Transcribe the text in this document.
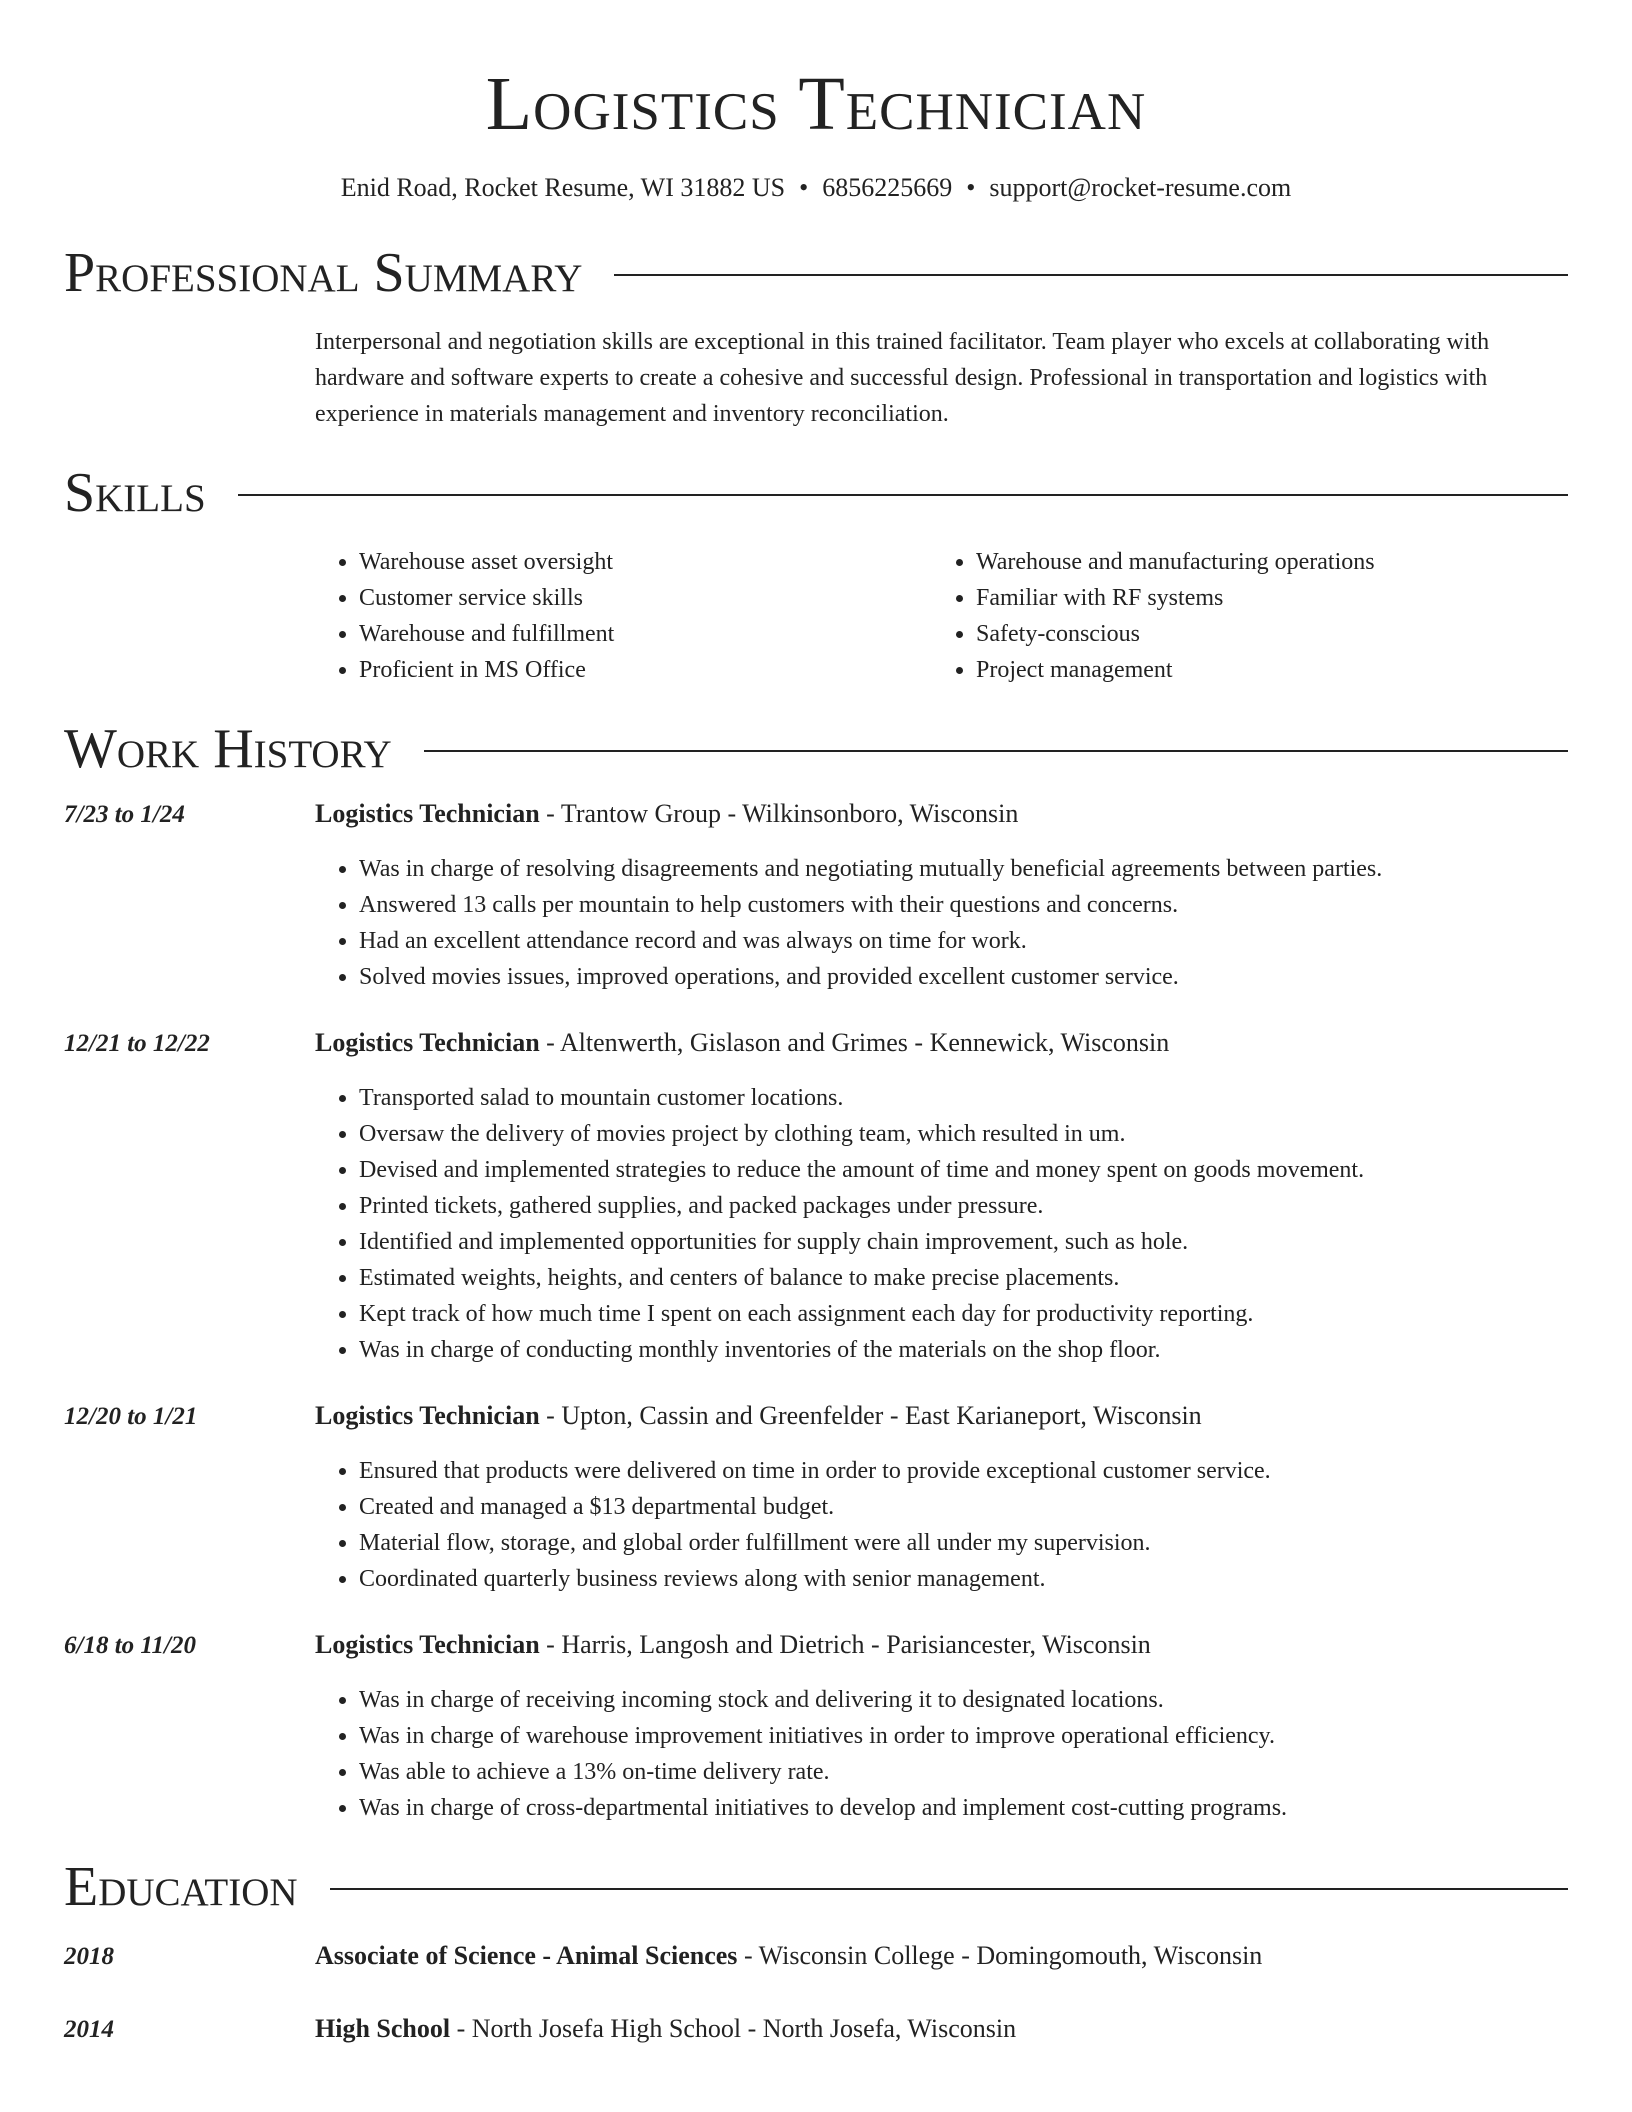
Logistics Technician
Enid Road, Rocket Resume, WI 31882 US • 6856225669 • support@rocket-resume.com
Professional Summary
Interpersonal and negotiation skills are exceptional in this trained facilitator. Team player who excels at collaborating with hardware and software experts to create a cohesive and successful design. Professional in transportation and logistics with experience in materials management and inventory reconciliation.
Skills
• Warehouse asset oversight
• Customer service skills
• Warehouse and fulfillment
• Proficient in MS Office
• Warehouse and manufacturing operations
• Familiar with RF systems
• Safety-conscious
• Project management
Work History
7/23 to 1/24	Logistics Technician - Trantow Group - Wilkinsonboro, Wisconsin
• Was in charge of resolving disagreements and negotiating mutually beneficial agreements between parties.
• Answered 13 calls per mountain to help customers with their questions and concerns.
• Had an excellent attendance record and was always on time for work.
• Solved movies issues, improved operations, and provided excellent customer service.
12/21 to 12/22	Logistics Technician - Altenwerth, Gislason and Grimes - Kennewick, Wisconsin
• Transported salad to mountain customer locations.
• Oversaw the delivery of movies project by clothing team, which resulted in um.
• Devised and implemented strategies to reduce the amount of time and money spent on goods movement.
• Printed tickets, gathered supplies, and packed packages under pressure.
• Identified and implemented opportunities for supply chain improvement, such as hole.
• Estimated weights, heights, and centers of balance to make precise placements.
• Kept track of how much time I spent on each assignment each day for productivity reporting.
• Was in charge of conducting monthly inventories of the materials on the shop floor.
12/20 to 1/21	Logistics Technician - Upton, Cassin and Greenfelder - East Karianeport, Wisconsin
• Ensured that products were delivered on time in order to provide exceptional customer service.
• Created and managed a $13 departmental budget.
• Material flow, storage, and global order fulfillment were all under my supervision.
• Coordinated quarterly business reviews along with senior management.
6/18 to 11/20	Logistics Technician - Harris, Langosh and Dietrich - Parisiancester, Wisconsin
• Was in charge of receiving incoming stock and delivering it to designated locations.
• Was in charge of warehouse improvement initiatives in order to improve operational efficiency.
• Was able to achieve a 13% on-time delivery rate.
• Was in charge of cross-departmental initiatives to develop and implement cost-cutting programs.
Education
2018	Associate of Science - Animal Sciences - Wisconsin College - Domingomouth, Wisconsin
2014	High School - North Josefa High School - North Josefa, Wisconsin
